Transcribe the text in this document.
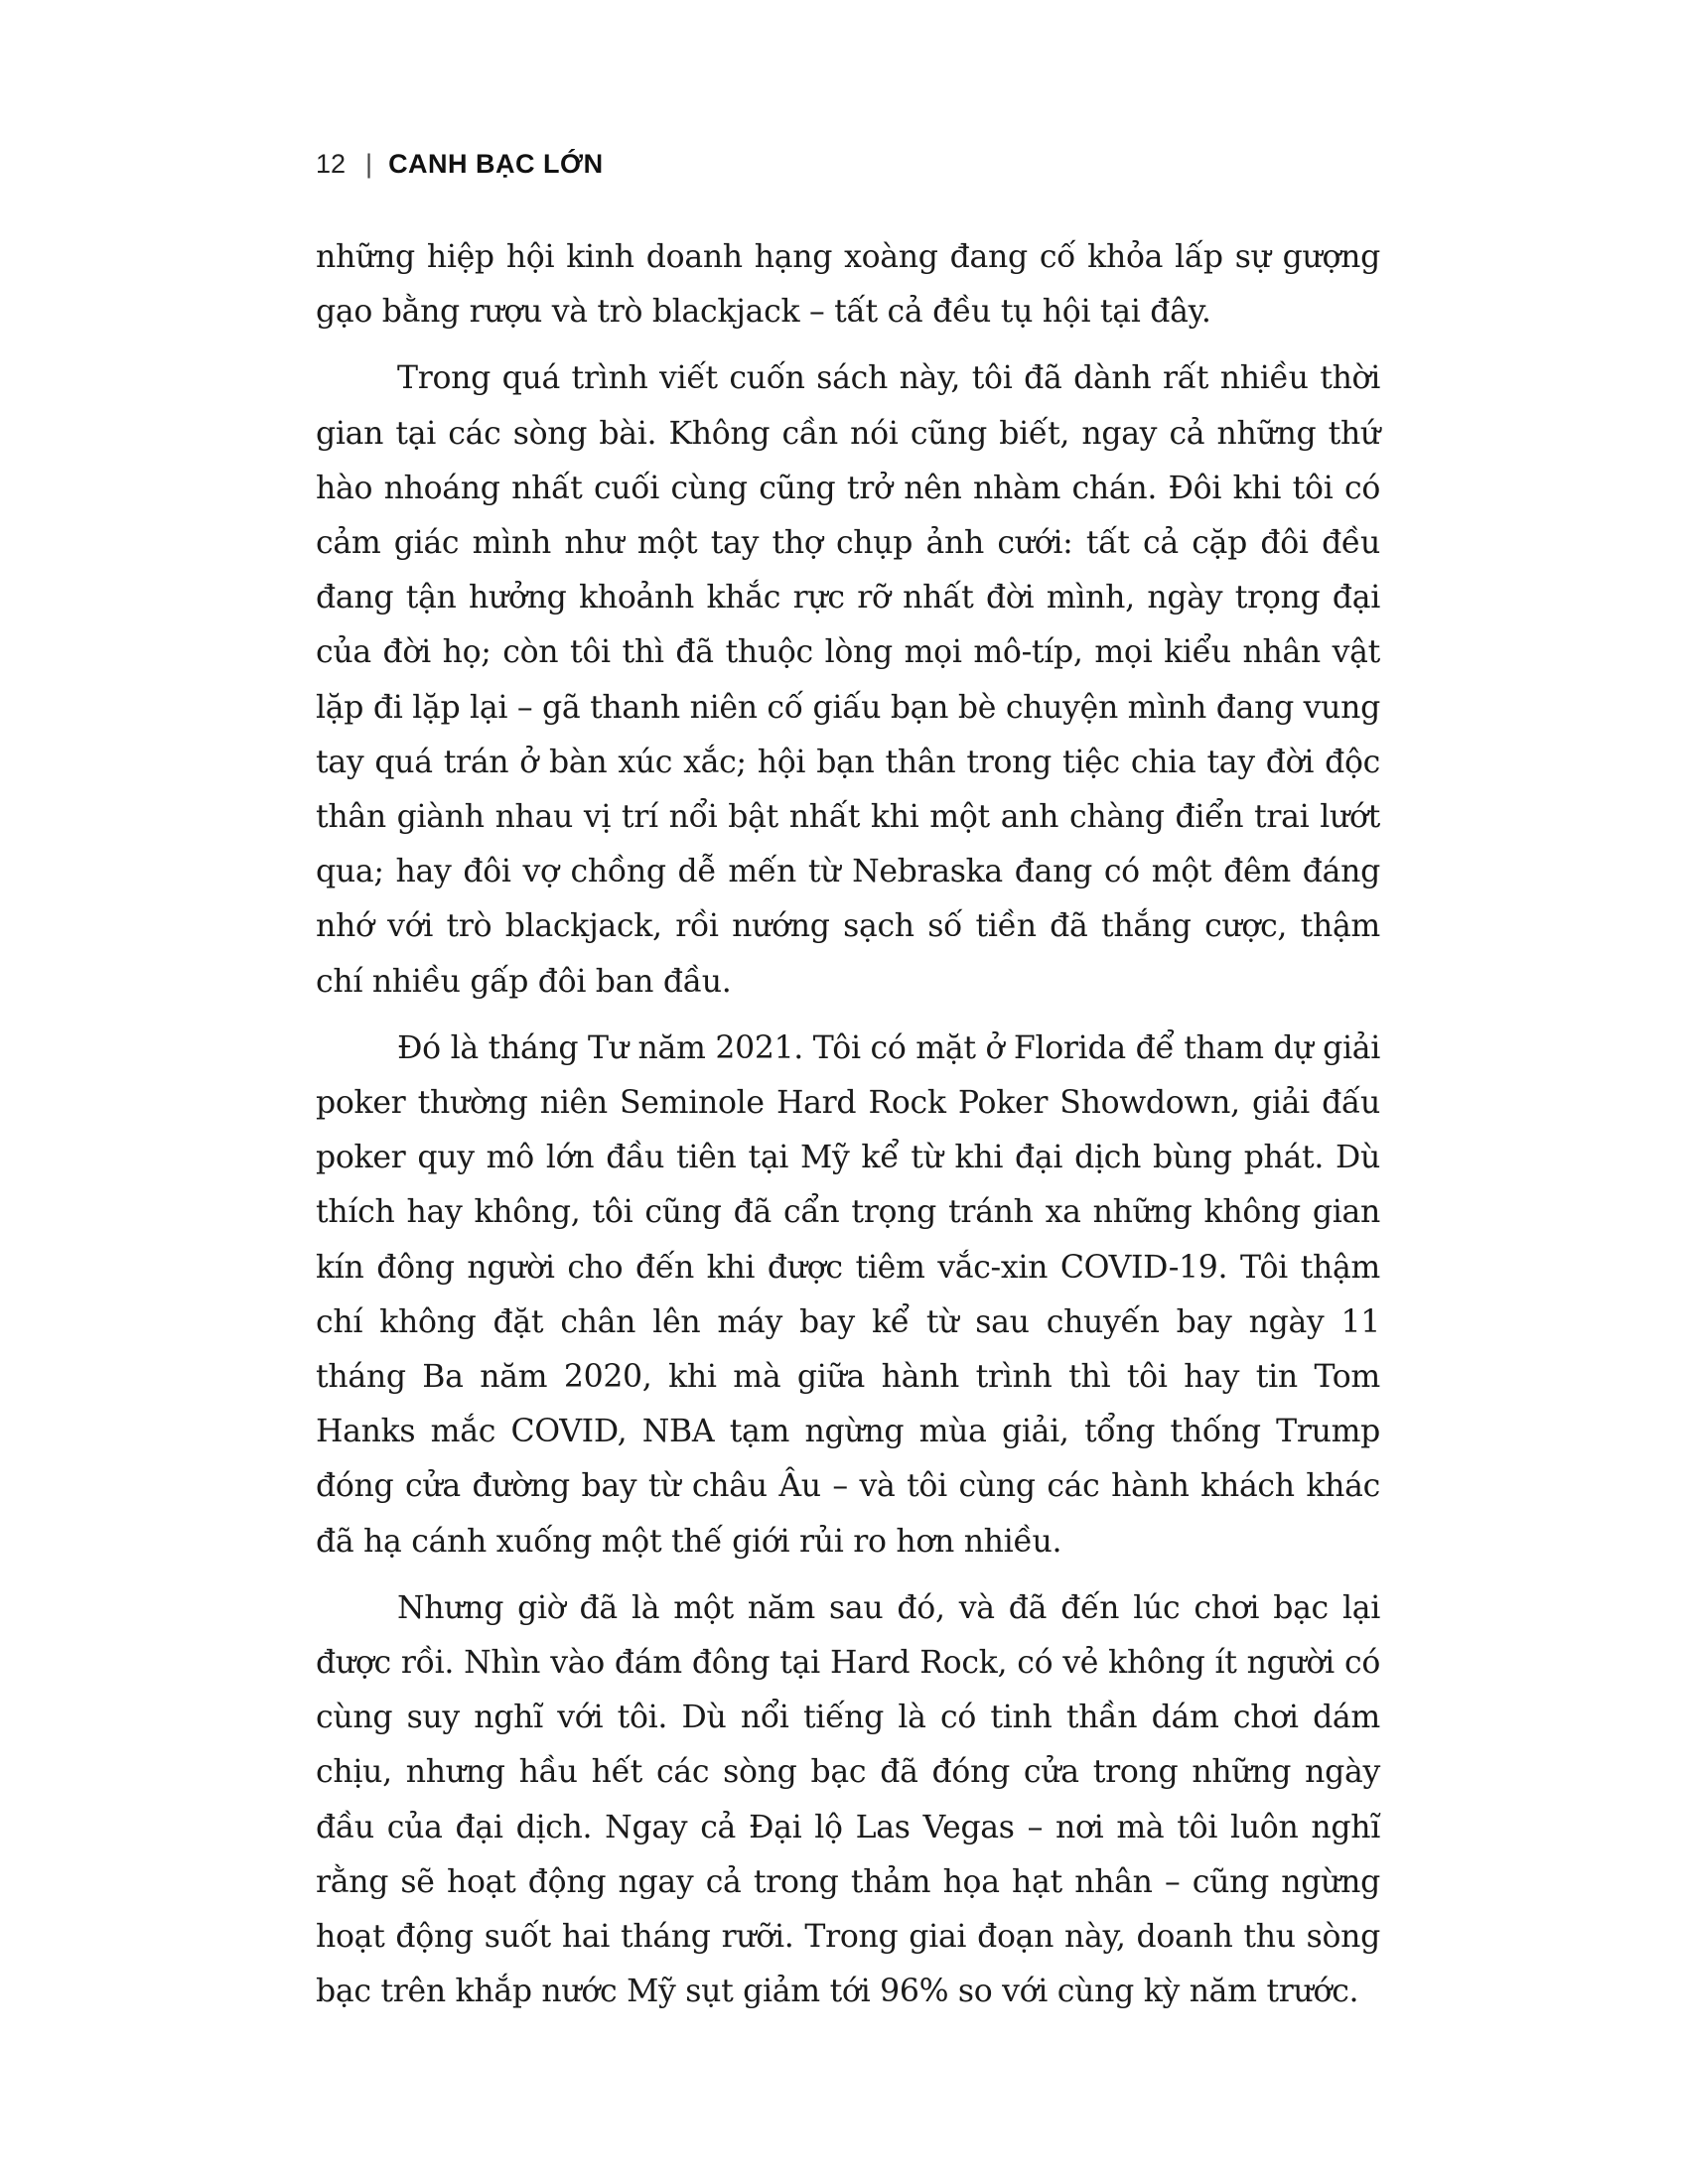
12 | CANH BẠC LỚN

những hiệp hội kinh doanh hạng xoàng đang cố khỏa lấp sự gượng gạo bằng rượu và trò blackjack – tất cả đều tụ hội tại đây.

Trong quá trình viết cuốn sách này, tôi đã dành rất nhiều thời gian tại các sòng bài. Không cần nói cũng biết, ngay cả những thứ hào nhoáng nhất cuối cùng cũng trở nên nhàm chán. Đôi khi tôi có cảm giác mình như một tay thợ chụp ảnh cưới: tất cả cặp đôi đều đang tận hưởng khoảnh khắc rực rỡ nhất đời mình, ngày trọng đại của đời họ; còn tôi thì đã thuộc lòng mọi mô-típ, mọi kiểu nhân vật lặp đi lặp lại – gã thanh niên cố giấu bạn bè chuyện mình đang vung tay quá trán ở bàn xúc xắc; hội bạn thân trong tiệc chia tay đời độc thân giành nhau vị trí nổi bật nhất khi một anh chàng điển trai lướt qua; hay đôi vợ chồng dễ mến từ Nebraska đang có một đêm đáng nhớ với trò blackjack, rồi nướng sạch số tiền đã thắng cược, thậm chí nhiều gấp đôi ban đầu.

Đó là tháng Tư năm 2021. Tôi có mặt ở Florida để tham dự giải poker thường niên Seminole Hard Rock Poker Showdown, giải đấu poker quy mô lớn đầu tiên tại Mỹ kể từ khi đại dịch bùng phát. Dù thích hay không, tôi cũng đã cẩn trọng tránh xa những không gian kín đông người cho đến khi được tiêm vắc-xin COVID-19. Tôi thậm chí không đặt chân lên máy bay kể từ sau chuyến bay ngày 11 tháng Ba năm 2020, khi mà giữa hành trình thì tôi hay tin Tom Hanks mắc COVID, NBA tạm ngừng mùa giải, tổng thống Trump đóng cửa đường bay từ châu Âu – và tôi cùng các hành khách khác đã hạ cánh xuống một thế giới rủi ro hơn nhiều.

Nhưng giờ đã là một năm sau đó, và đã đến lúc chơi bạc lại được rồi. Nhìn vào đám đông tại Hard Rock, có vẻ không ít người có cùng suy nghĩ với tôi. Dù nổi tiếng là có tinh thần dám chơi dám chịu, nhưng hầu hết các sòng bạc đã đóng cửa trong những ngày đầu của đại dịch. Ngay cả Đại lộ Las Vegas – nơi mà tôi luôn nghĩ rằng sẽ hoạt động ngay cả trong thảm họa hạt nhân – cũng ngừng hoạt động suốt hai tháng rưỡi. Trong giai đoạn này, doanh thu sòng bạc trên khắp nước Mỹ sụt giảm tới 96% so với cùng kỳ năm trước.
